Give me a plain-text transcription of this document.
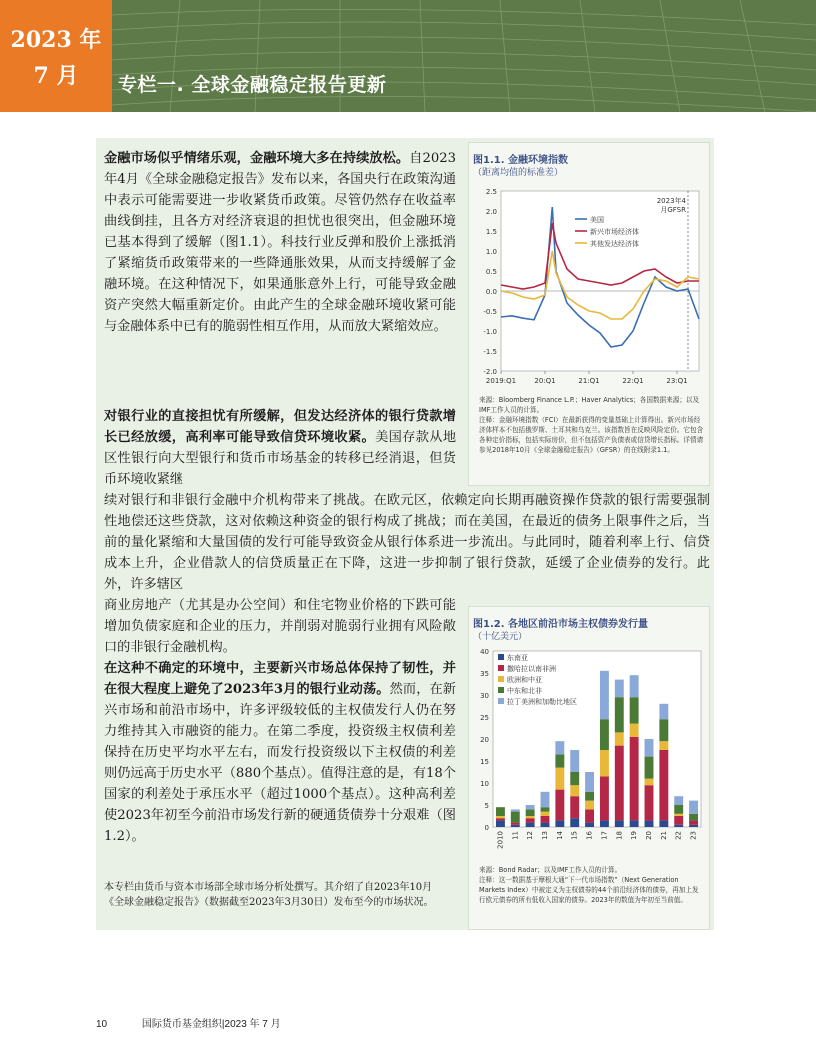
2023 年
7 月	专栏一. 全球金融稳定报告更新

金融市场似乎情绪乐观，金融环境大多在持续放松。自2023年4月《全球金融稳定报告》发布以来，各国央行在政策沟通中表示可能需要进一步收紧货币政策。尽管仍然存在收益率曲线倒挂，且各方对经济衰退的担忧也很突出，但金融环境已基本得到了缓解（图1.1）。科技行业反弹和股价上涨抵消了紧缩货币政策带来的一些降通胀效果，从而支持缓解了金融环境。在这种情况下，如果通胀意外上行，可能导致金融资产突然大幅重新定价。由此产生的全球金融环境收紧可能与金融体系中已有的脆弱性相互作用，从而放大紧缩效应。

对银行业的直接担忧有所缓解，但发达经济体的银行贷款增长已经放缓，高利率可能导致信贷环境收紧。美国存款从地区性银行向大型银行和货币市场基金的转移已经消退，但货币环境收紧继

续对银行和非银行金融中介机构带来了挑战。在欧元区，依赖定向长期再融资操作贷款的银行需要强制性地偿还这些贷款，这对依赖这种资金的银行构成了挑战；而在美国，在最近的债务上限事件之后，当前的量化紧缩和大量国债的发行可能导致资金从银行体系进一步流出。与此同时，随着利率上行、信贷成本上升，企业借款人的信贷质量正在下降，这进一步抑制了银行贷款，延缓了企业债券的发行。此外，许多辖区

商业房地产（尤其是办公空间）和住宅物业价格的下跌可能增加负债家庭和企业的压力，并削弱对脆弱行业拥有风险敞口的非银行金融机构。

在这种不确定的环境中，主要新兴市场总体保持了韧性，并在很大程度上避免了2023年3月的银行业动荡。然而，在新兴市场和前沿市场中，许多评级较低的主权债发行人仍在努力维持其入市融资的能力。在第二季度，投资级主权债利差保持在历史平均水平左右，而发行投资级以下主权债的利差则仍远高于历史水平（880个基点）。值得注意的是，有18个国家的利差处于承压水平（超过1000个基点）。这种高利差使2023年初至今前沿市场发行新的硬通货债券十分艰难（图1.2）。

本专栏由货币与资本市场部全球市场分析处撰写。其介绍了自2023年10月《全球金融稳定报告》（数据截至2023年3月30日）发布至今的市场状况。
图1.1. 金融环境指数
（距离均值的标准差）
2.5
2.0
1.5
1.0
0.5
0.0
-0.5
-1.0
-1.5
-2.0
2019:Q1	20:Q1	21:Q1	22:Q1	23:Q1
2023年4
月GFSR
美国
新兴市场经济体
其他发达经济体
来源：Bloomberg Finance L.P.；Haver Analytics；各国数据来源；以及IMF工作人员的计算。
注释：金融环境指数（FCI）在最新获得的变量基础上计算得出。新兴市场经济体样本不包括俄罗斯、土耳其和乌克兰。该指数旨在反映风险定价。它包含各种定价指标，包括实际房价，但不包括资产负债表或信贷增长指标。详情请参见2018年10月《全球金融稳定报告》（GFSR）的在线附录1.1。
图1.2. 各地区前沿市场主权债券发行量
（十亿美元）
40
35
30
25
20
15
10
5
0
2010 11 12 13 14 15 16 17 18 19 20 21 22 23
东南亚
撒哈拉以南非洲
欧洲和中亚
中东和北非
拉丁美洲和加勒比地区
来源：Bond Radar；以及IMF工作人员的计算。
注释：这一数据基于摩根大通“下一代市场指数”（Next Generation Markets Index）中被定义为主权债券的44个前沿经济体的债券，再加上发行欧元债券的所有低收入国家的债券。2023年的数值为年初至当前值。
10	国际货币基金组织|2023 年 7 月
